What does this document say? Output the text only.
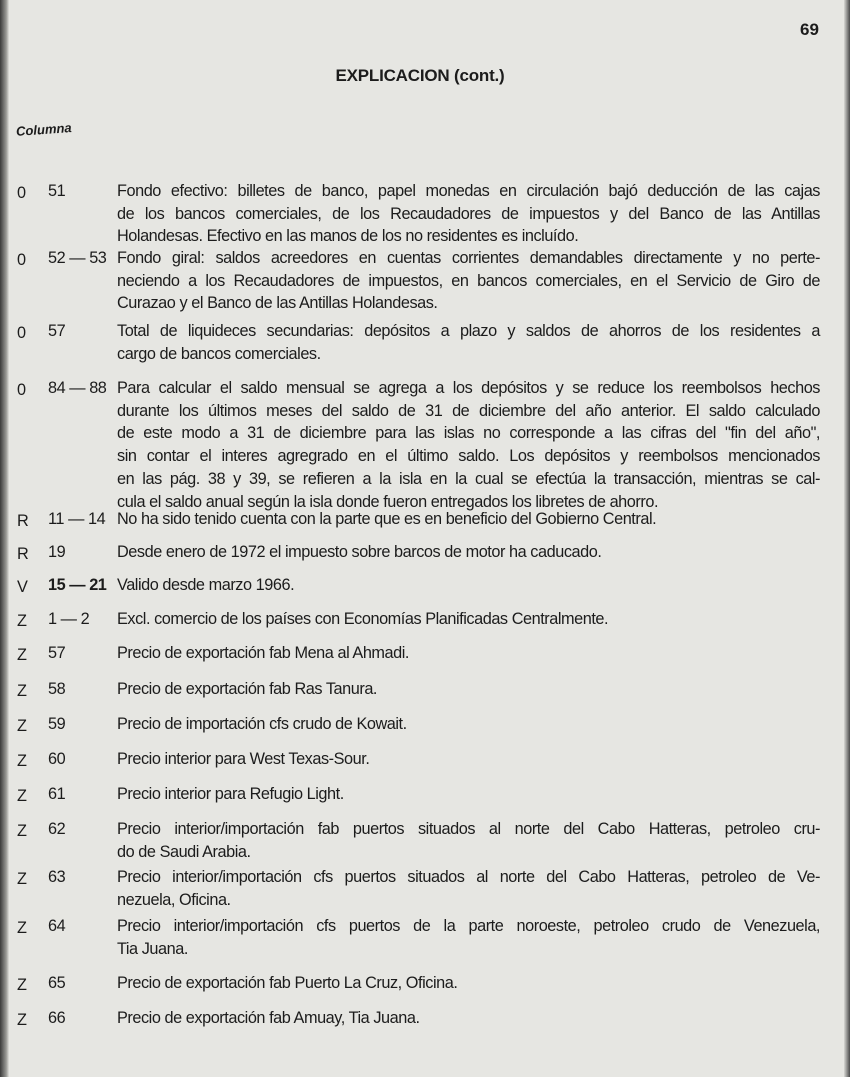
69
EXPLICACION (cont.)
Columna
0 51	Fondo efectivo: billetes de banco, papel monedas en circulación bajó deducción de las cajas
de los bancos comerciales, de los Recaudadores de impuestos y del Banco de las Antillas
Holandesas. Efectivo en las manos de los no residentes es incluído.
0 52 — 53 Fondo giral: saldos acreedores en cuentas corrientes demandables directamente y no perte-
neciendo a los Recaudadores de impuestos, en bancos comerciales, en el Servicio de Giro de
Curazao y el Banco de las Antillas Holandesas.
0 57	Total de liquideces secundarias: depósitos a plazo y saldos de ahorros de los residentes a
cargo de bancos comerciales.
0 84 — 88 Para calcular el saldo mensual se agrega a los depósitos y se reduce los reembolsos hechos
durante los últimos meses del saldo de 31 de diciembre del año anterior. El saldo calculado
de este modo a 31 de diciembre para las islas no corresponde a las cifras del "fin del año",
sin contar el interes agregrado en el último saldo. Los depósitos y reembolsos mencionados
en las pág. 38 y 39, se refieren a la isla en la cual se efectúa la transacción, mientras se cal-
cula el saldo anual según la isla donde fueron entregados los libretes de ahorro.
R 11 — 14 No ha sido tenido cuenta con la parte que es en beneficio del Gobierno Central.
R 19	Desde enero de 1972 el impuesto sobre barcos de motor ha caducado.
V 15 — 21 Valido desde marzo 1966.
Z 1 — 2 Excl. comercio de los países con Economías Planificadas Centralmente.
Z 57	Precio de exportación fab Mena al Ahmadi.
Z 58	Precio de exportación fab Ras Tanura.
Z 59	Precio de importación cfs crudo de Kowait.
Z 60	Precio interior para West Texas-Sour.
Z 61	Precio interior para Refugio Light.
Z 62	Precio interior/importación fab puertos situados al norte del Cabo Hatteras, petroleo cru-
do de Saudi Arabia.
Z 63	Precio interior/importación cfs puertos situados al norte del Cabo Hatteras, petroleo de Ve-
nezuela, Oficina.
Z 64	Precio interior/importación cfs puertos de la parte noroeste, petroleo crudo de Venezuela,
Tia Juana.
Z 65	Precio de exportación fab Puerto La Cruz, Oficina.
Z 66	Precio de exportación fab Amuay, Tia Juana.
